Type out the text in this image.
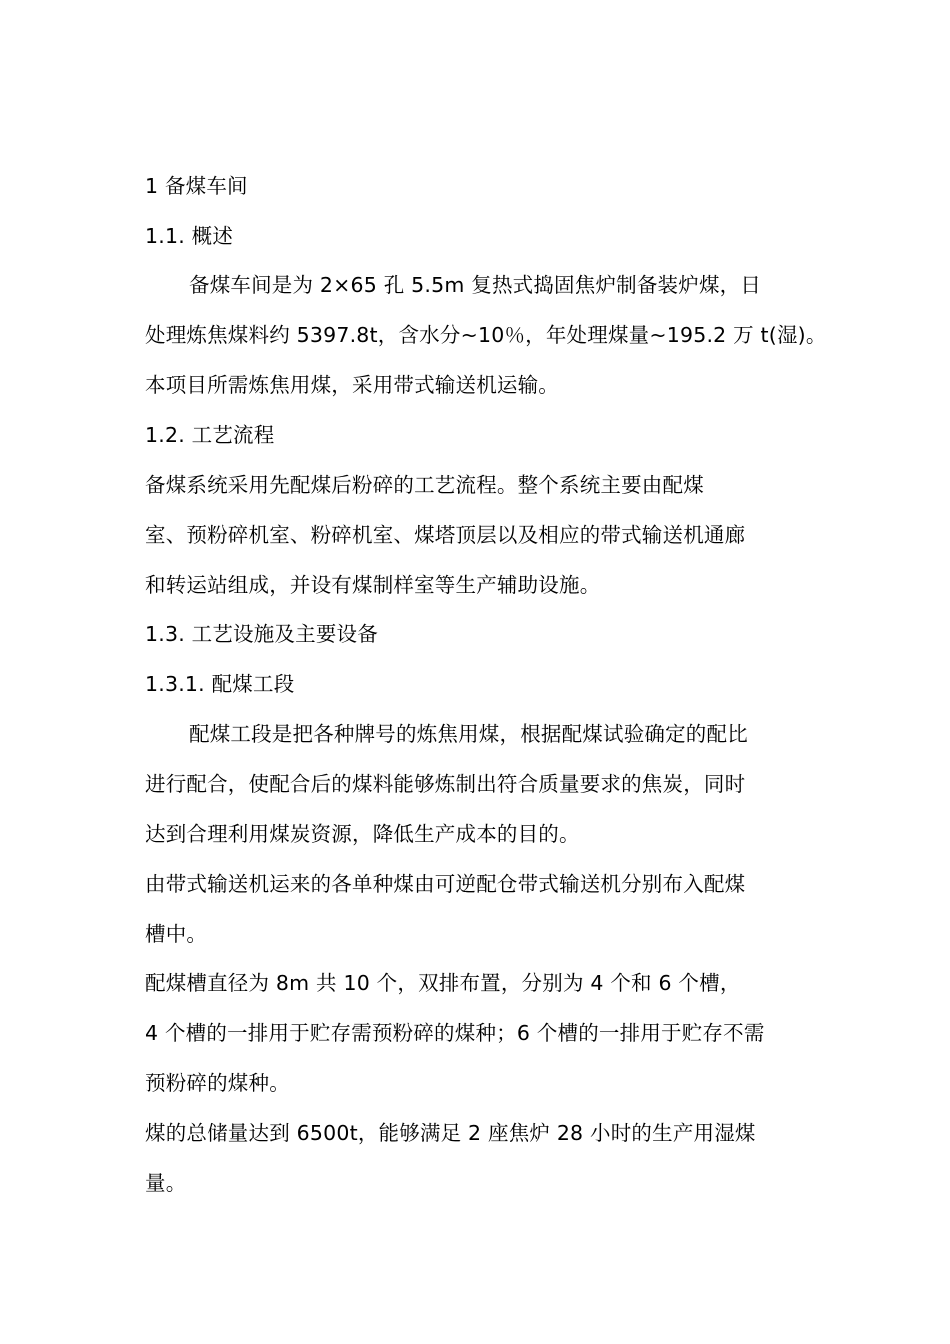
1 备煤车间
1.1. 概述
备煤车间是为 2×65 孔 5.5m 复热式捣固焦炉制备装炉煤，日
处理炼焦煤料约 5397.8t，含水分~10％，年处理煤量~195.2 万 t(湿)。
本项目所需炼焦用煤，采用带式输送机运输。
1.2. 工艺流程
备煤系统采用先配煤后粉碎的工艺流程。整个系统主要由配煤
室、预粉碎机室、粉碎机室、煤塔顶层以及相应的带式输送机通廊
和转运站组成，并设有煤制样室等生产辅助设施。
1.3. 工艺设施及主要设备
1.3.1. 配煤工段
配煤工段是把各种牌号的炼焦用煤，根据配煤试验确定的配比
进行配合，使配合后的煤料能够炼制出符合质量要求的焦炭，同时
达到合理利用煤炭资源，降低生产成本的目的。
由带式输送机运来的各单种煤由可逆配仓带式输送机分别布入配煤
槽中。
配煤槽直径为 8m 共 10 个，双排布置，分别为 4 个和 6 个槽，
4 个槽的一排用于贮存需预粉碎的煤种；6 个槽的一排用于贮存不需
预粉碎的煤种。
煤的总储量达到 6500t，能够满足 2 座焦炉 28 小时的生产用湿煤
量。
